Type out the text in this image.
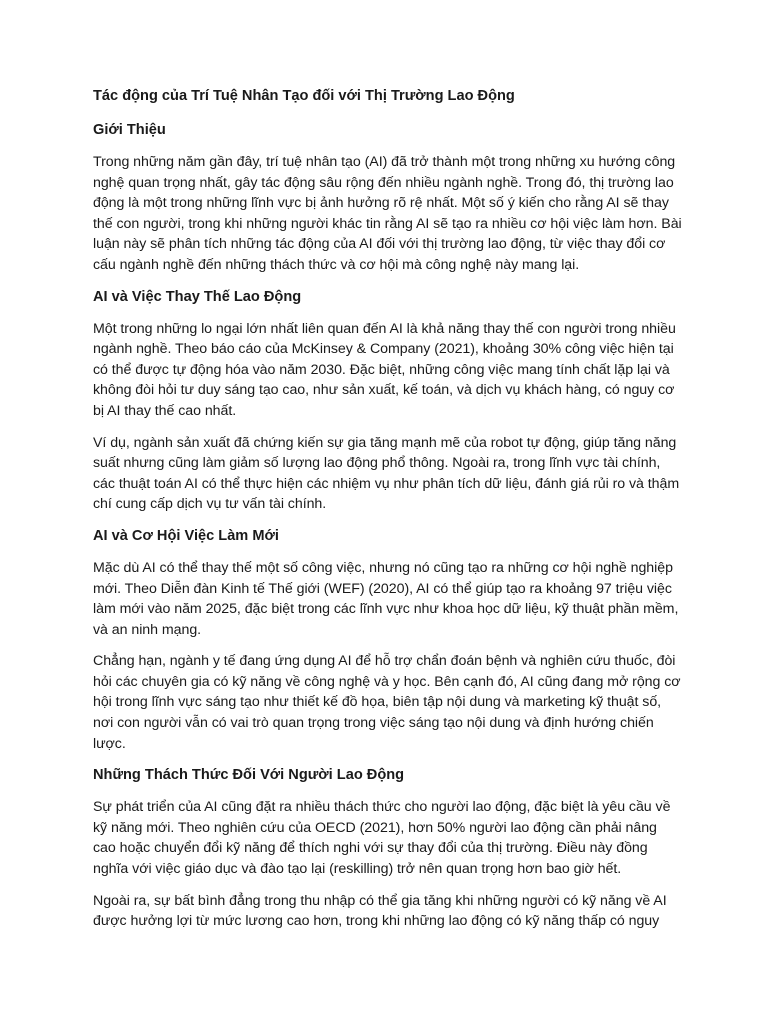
Tác động của Trí Tuệ Nhân Tạo đối với Thị Trường Lao Động
Giới Thiệu

Trong những năm gần đây, trí tuệ nhân tạo (AI) đã trở thành một trong những xu hướng công nghệ quan trọng nhất, gây tác động sâu rộng đến nhiều ngành nghề. Trong đó, thị trường lao động là một trong những lĩnh vực bị ảnh hưởng rõ rệ nhất. Một số ý kiến cho rằng AI sẽ thay thế con người, trong khi những người khác tin rằng AI sẽ tạo ra nhiều cơ hội việc làm hơn. Bài luận này sẽ phân tích những tác động của AI đối với thị trường lao động, từ việc thay đổi cơ cấu ngành nghề đến những thách thức và cơ hội mà công nghệ này mang lại.

AI và Việc Thay Thế Lao Động

Một trong những lo ngại lớn nhất liên quan đến AI là khả năng thay thế con người trong nhiều ngành nghề. Theo báo cáo của McKinsey & Company (2021), khoảng 30% công việc hiện tại có thể được tự động hóa vào năm 2030. Đặc biệt, những công việc mang tính chất lặp lại và không đòi hỏi tư duy sáng tạo cao, như sản xuất, kế toán, và dịch vụ khách hàng, có nguy cơ bị AI thay thế cao nhất.

Ví dụ, ngành sản xuất đã chứng kiến sự gia tăng mạnh mẽ của robot tự động, giúp tăng năng suất nhưng cũng làm giảm số lượng lao động phổ thông. Ngoài ra, trong lĩnh vực tài chính, các thuật toán AI có thể thực hiện các nhiệm vụ như phân tích dữ liệu, đánh giá rủi ro và thậm chí cung cấp dịch vụ tư vấn tài chính.

AI và Cơ Hội Việc Làm Mới

Mặc dù AI có thể thay thế một số công việc, nhưng nó cũng tạo ra những cơ hội nghề nghiệp mới. Theo Diễn đàn Kinh tế Thế giới (WEF) (2020), AI có thể giúp tạo ra khoảng 97 triệu việc làm mới vào năm 2025, đặc biệt trong các lĩnh vực như khoa học dữ liệu, kỹ thuật phần mềm, và an ninh mạng.

Chẳng hạn, ngành y tế đang ứng dụng AI để hỗ trợ chẩn đoán bệnh và nghiên cứu thuốc, đòi hỏi các chuyên gia có kỹ năng về công nghệ và y học. Bên cạnh đó, AI cũng đang mở rộng cơ hội trong lĩnh vực sáng tạo như thiết kế đồ họa, biên tập nội dung và marketing kỹ thuật số, nơi con người vẫn có vai trò quan trọng trong việc sáng tạo nội dung và định hướng chiến lược.

Những Thách Thức Đối Với Người Lao Động

Sự phát triển của AI cũng đặt ra nhiều thách thức cho người lao động, đặc biệt là yêu cầu về kỹ năng mới. Theo nghiên cứu của OECD (2021), hơn 50% người lao động cần phải nâng cao hoặc chuyển đổi kỹ năng để thích nghi với sự thay đổi của thị trường. Điều này đồng nghĩa với việc giáo dục và đào tạo lại (reskilling) trở nên quan trọng hơn bao giờ hết.

Ngoài ra, sự bất bình đẳng trong thu nhập có thể gia tăng khi những người có kỹ năng về AI được hưởng lợi từ mức lương cao hơn, trong khi những lao động có kỹ năng thấp có nguy
